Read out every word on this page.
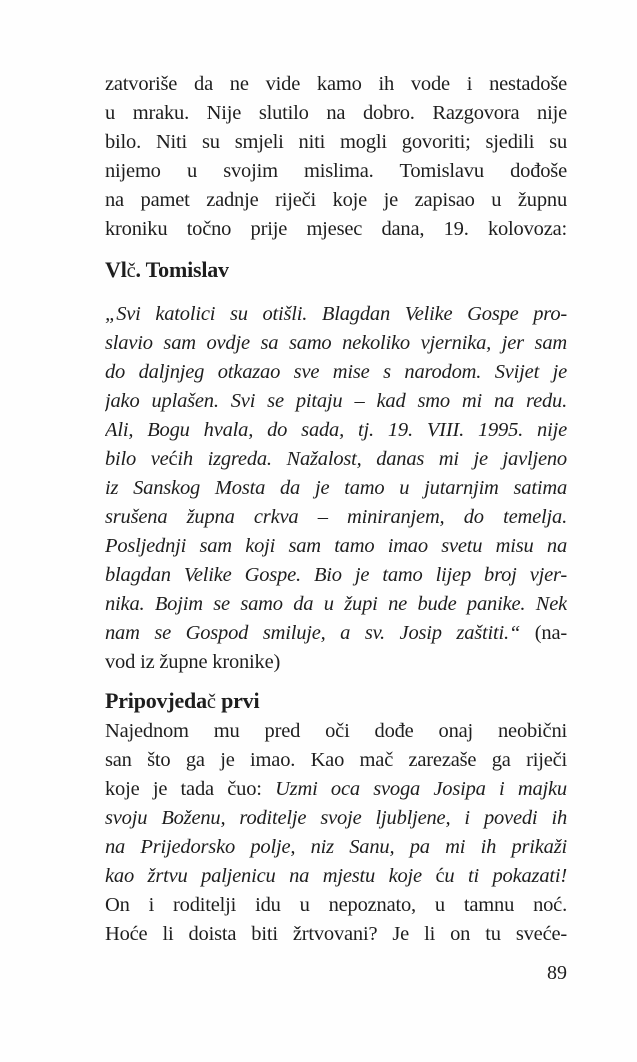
zatvoriše da ne vide kamo ih vode i nestadoše
u mraku. Nije slutilo na dobro. Razgovora nije
bilo. Niti su smjeli niti mogli govoriti; sjedili su
nijemo u svojim mislima. Tomislavu dođoše
na pamet zadnje riječi koje je zapisao u župnu
kroniku točno prije mjesec dana, 19. kolovoza:
Vlč. Tomislav
„Svi katolici su otišli. Blagdan Velike Gospe pro-
slavio sam ovdje sa samo nekoliko vjernika, jer sam
do daljnjeg otkazao sve mise s narodom. Svijet je
jako uplašen. Svi se pitaju – kad smo mi na redu.
Ali, Bogu hvala, do sada, tj. 19. VIII. 1995. nije
bilo većih izgreda. Nažalost, danas mi je javljeno
iz Sanskog Mosta da je tamo u jutarnjim satima
srušena župna crkva – miniranjem, do temelja.
Posljednji sam koji sam tamo imao svetu misu na
blagdan Velike Gospe. Bio je tamo lijep broj vjer-
nika. Bojim se samo da u župi ne bude panike. Nek
nam se Gospod smiluje, a sv. Josip zaštiti.“ (na-
vod iz župne kronike)
Pripovjedač prvi
Najednom mu pred oči dođe onaj neobični
san što ga je imao. Kao mač zarezaše ga riječi
koje je tada čuo: Uzmi oca svoga Josipa i majku
svoju Boženu, roditelje svoje ljubljene, i povedi ih
na Prijedorsko polje, niz Sanu, pa mi ih prikaži
kao žrtvu paljenicu na mjestu koje ću ti pokazati!
On i roditelji idu u nepoznato, u tamnu noć.
Hoće li doista biti žrtvovani? Je li on tu sveće-
89
